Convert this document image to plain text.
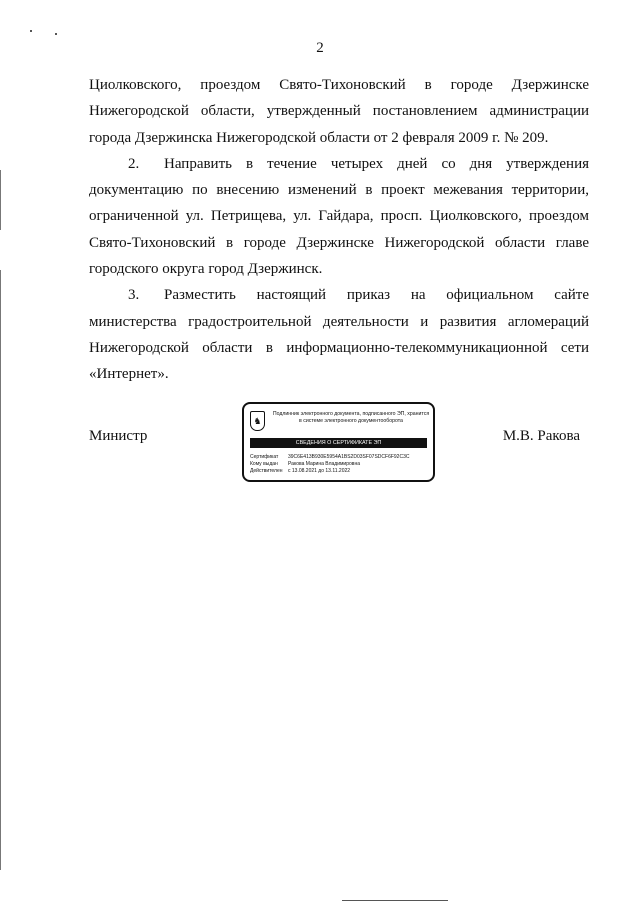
2

Циолковского, проездом Свято-Тихоновский в городе Дзержинске Нижегородской области, утвержденный постановлением администрации города Дзержинска Нижегородской области от 2 февраля 2009 г. № 209.

2. Направить в течение четырех дней со дня утверждения документацию по внесению изменений в проект межевания территории, ограниченной ул. Петрищева, ул. Гайдара, просп. Циолковского, проездом Свято-Тихоновский в городе Дзержинске Нижегородской области главе городского округа город Дзержинск.

3. Разместить настоящий приказ на официальном сайте министерства градостроительной деятельности и развития агломераций Нижегородской области в информационно-телекоммуникационной сети «Интернет».

Министр	М.В. Ракова
♞
Подлинник электронного документа, подписанного ЭП, хранится в системе электронного документооборота
СВЕДЕНИЯ О СЕРТИФИКАТЕ ЭП
Сертификат 39C6E413B930E5954A1BS2D03SF07SDCF6F92C3C
Кому выдан Ракова Марина Владимировна
Действителен с 13.08.2021 до 13.11.2022
